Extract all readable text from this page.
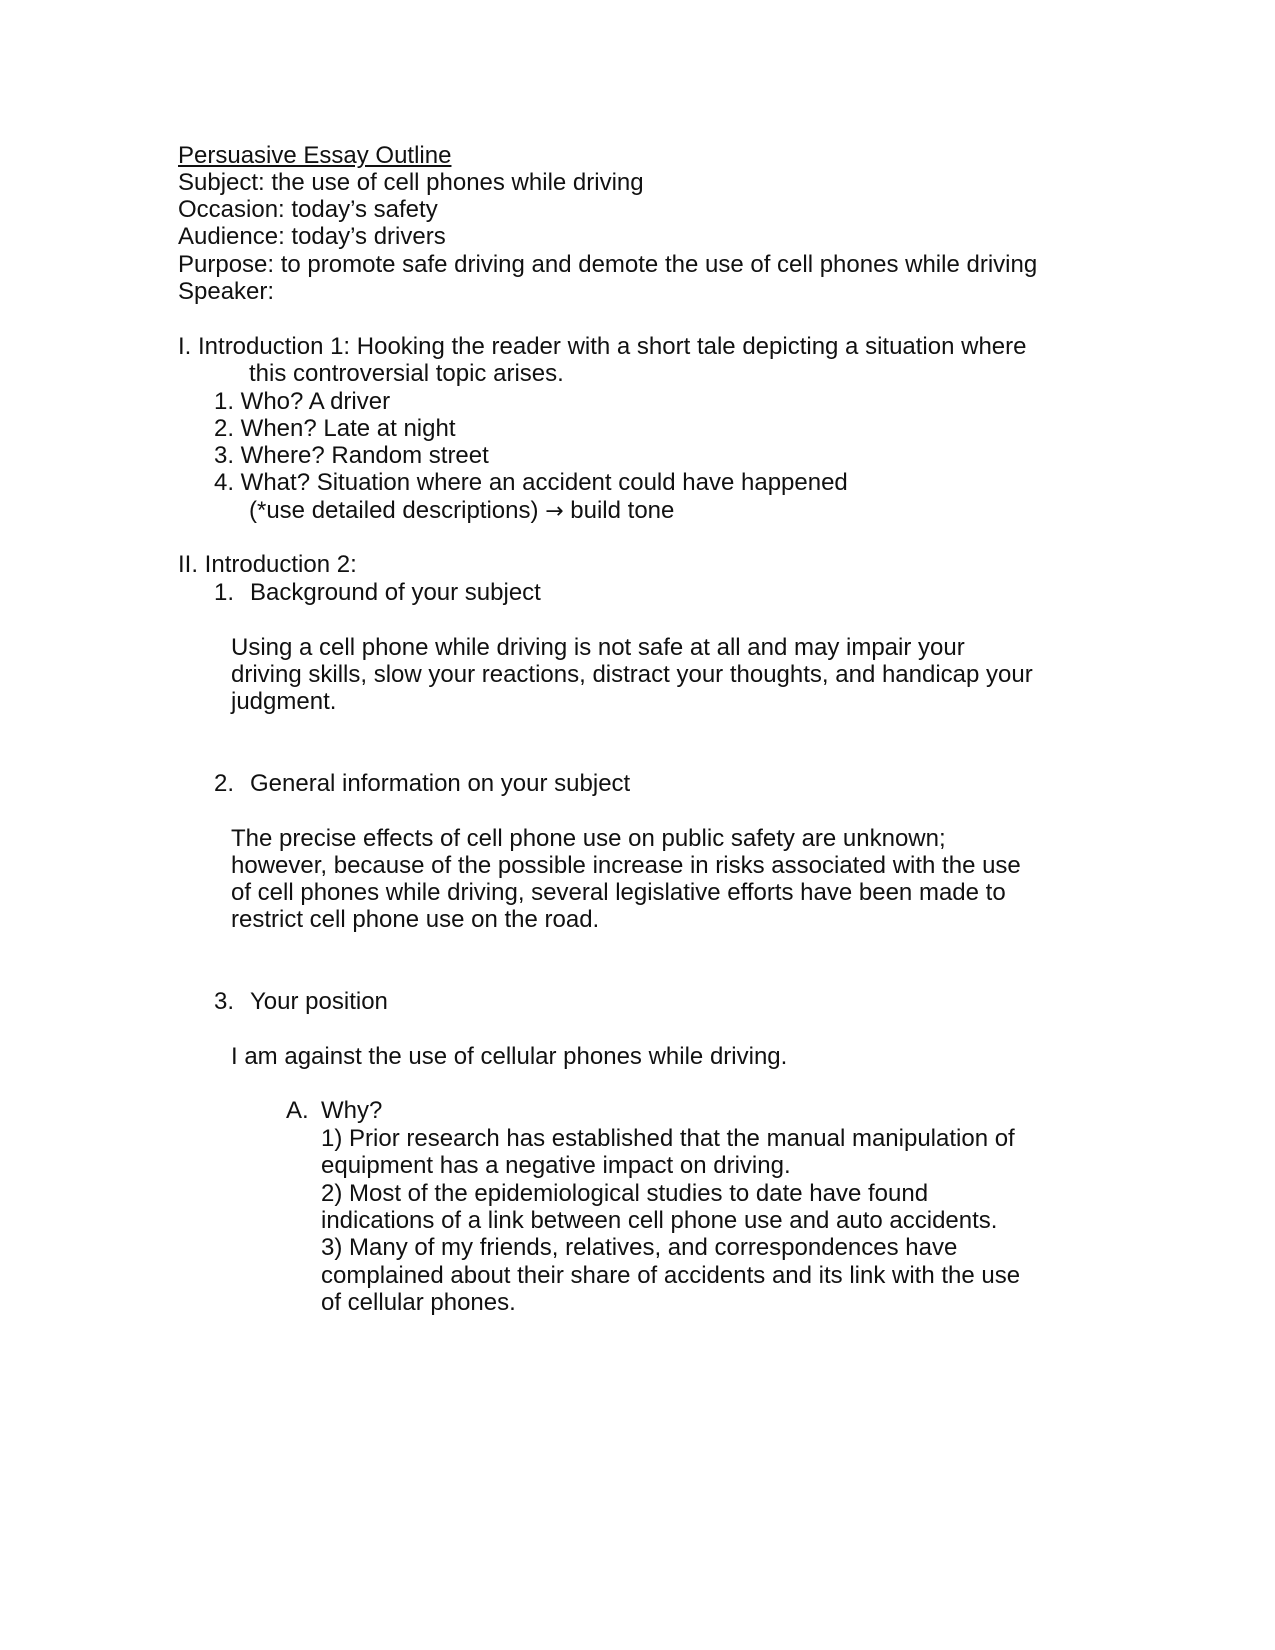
Persuasive Essay Outline
Subject: the use of cell phones while driving
Occasion: today’s safety
Audience: today’s drivers
Purpose: to promote safe driving and demote the use of cell phones while driving
Speaker:
I. Introduction 1: Hooking the reader with a short tale depicting a situation where
this controversial topic arises.
1. Who? A driver
2. When? Late at night
3. Where? Random street
4. What? Situation where an accident could have happened
(*use detailed descriptions) → build tone
II. Introduction 2:
1. Background of your subject
Using a cell phone while driving is not safe at all and may impair your
driving skills, slow your reactions, distract your thoughts, and handicap your
judgment.
2. General information on your subject
The precise effects of cell phone use on public safety are unknown;
however, because of the possible increase in risks associated with the use
of cell phones while driving, several legislative efforts have been made to
restrict cell phone use on the road.
3. Your position
I am against the use of cellular phones while driving.
A. Why?
1) Prior research has established that the manual manipulation of
equipment has a negative impact on driving.
2) Most of the epidemiological studies to date have found
indications of a link between cell phone use and auto accidents.
3) Many of my friends, relatives, and correspondences have
complained about their share of accidents and its link with the use
of cellular phones.
